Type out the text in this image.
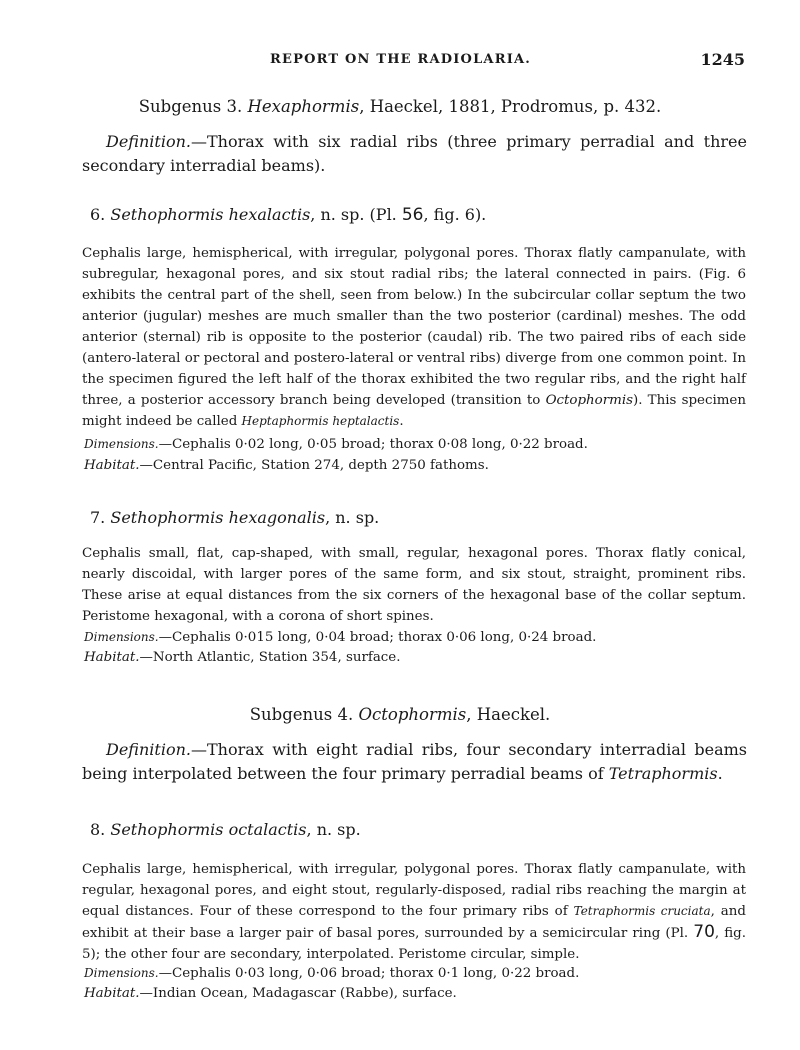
REPORT ON THE RADIOLARIA.	1245
Subgenus 3. Hexaphormis, Haeckel, 1881, Prodromus, p. 432.
Definition.—Thorax with six radial ribs (three primary perradial and three secondary interradial beams).
6. Sethophormis hexalactis, n. sp. (Pl. 56, fig. 6).
Cephalis large, hemispherical, with irregular, polygonal pores. Thorax flatly campanulate, with subregular, hexagonal pores, and six stout radial ribs; the lateral connected in pairs. (Fig. 6 exhibits the central part of the shell, seen from below.) In the subcircular collar septum the two anterior (jugular) meshes are much smaller than the two posterior (cardinal) meshes. The odd anterior (sternal) rib is opposite to the posterior (caudal) rib. The two paired ribs of each side (antero-lateral or pectoral and postero-lateral or ventral ribs) diverge from one common point. In the specimen figured the left half of the thorax exhibited the two regular ribs, and the right half three, a posterior accessory branch being developed (transition to Octophormis). This specimen might indeed be called Heptaphormis heptalactis.
Dimensions.—Cephalis 0·02 long, 0·05 broad; thorax 0·08 long, 0·22 broad.
Habitat.—Central Pacific, Station 274, depth 2750 fathoms.
7. Sethophormis hexagonalis, n. sp.
Cephalis small, flat, cap-shaped, with small, regular, hexagonal pores. Thorax flatly conical, nearly discoidal, with larger pores of the same form, and six stout, straight, prominent ribs. These arise at equal distances from the six corners of the hexagonal base of the collar septum. Peristome hexagonal, with a corona of short spines.
Dimensions.—Cephalis 0·015 long, 0·04 broad; thorax 0·06 long, 0·24 broad.
Habitat.—North Atlantic, Station 354, surface.
Subgenus 4. Octophormis, Haeckel.
Definition.—Thorax with eight radial ribs, four secondary interradial beams being interpolated between the four primary perradial beams of Tetraphormis.
8. Sethophormis octalactis, n. sp.
Cephalis large, hemispherical, with irregular, polygonal pores. Thorax flatly campanulate, with regular, hexagonal pores, and eight stout, regularly-disposed, radial ribs reaching the margin at equal distances. Four of these correspond to the four primary ribs of Tetraphormis cruciata, and exhibit at their base a larger pair of basal pores, surrounded by a semicircular ring (Pl. 70, fig. 5); the other four are secondary, interpolated. Peristome circular, simple.
Dimensions.—Cephalis 0·03 long, 0·06 broad; thorax 0·1 long, 0·22 broad.
Habitat.—Indian Ocean, Madagascar (Rabbe), surface.
